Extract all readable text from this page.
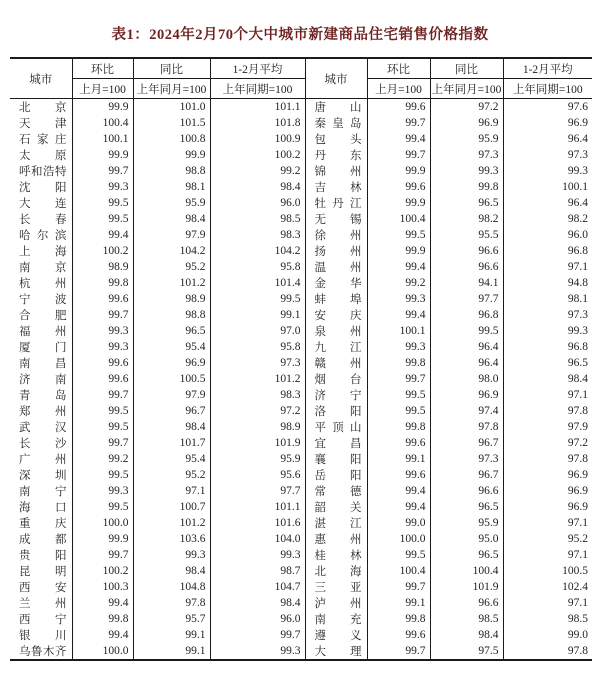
表1：2024年2月70个大中城市新建商品住宅销售价格指数
城市	环比	同比	1-2月平均	城市	环比	同比	1-2月平均
	上月=100	上年同月=100	上年同期=100		上月=100	上年同月=100	上年同期=100

北京	99.9	101.0	101.1	唐山	99.6	97.2	97.6

天津	100.4	101.5	101.8	秦皇岛	99.7	96.9	96.9

石家庄	100.1	100.8	100.9	包头	99.4	95.9	96.4

太原	99.9	99.9	100.2	丹东	99.7	97.3	97.3

呼和浩特	99.7	98.8	99.2	锦州	99.9	99.3	99.3

沈阳	99.3	98.1	98.4	吉林	99.6	99.8	100.1

大连	99.5	95.9	96.0	牡丹江	99.9	96.5	96.4

长春	99.5	98.4	98.5	无锡	100.4	98.2	98.2

哈尔滨	99.4	97.9	98.3	徐州	99.5	95.5	96.0

上海	100.2	104.2	104.2	扬州	99.9	96.6	96.8

南京	98.9	95.2	95.8	温州	99.4	96.6	97.1

杭州	99.8	101.2	101.4	金华	99.2	94.1	94.8

宁波	99.6	98.9	99.5	蚌埠	99.3	97.7	98.1

合肥	99.7	98.8	99.1	安庆	99.4	96.8	97.3

福州	99.3	96.5	97.0	泉州	100.1	99.5	99.3

厦门	99.3	95.4	95.8	九江	99.3	96.4	96.8

南昌	99.6	96.9	97.3	赣州	99.8	96.4	96.5

济南	99.6	100.5	101.2	烟台	99.7	98.0	98.4

青岛	99.7	97.9	98.3	济宁	99.5	96.9	97.1

郑州	99.5	96.7	97.2	洛阳	99.5	97.4	97.8

武汉	99.5	98.4	98.9	平顶山	99.8	97.8	97.9

长沙	99.7	101.7	101.9	宜昌	99.6	96.7	97.2

广州	99.2	95.4	95.9	襄阳	99.1	97.3	97.8

深圳	99.5	95.2	95.6	岳阳	99.6	96.7	96.9

南宁	99.3	97.1	97.7	常德	99.4	96.6	96.9

海口	99.5	100.7	101.1	韶关	99.4	96.5	96.9

重庆	100.0	101.2	101.6	湛江	99.0	95.9	97.1

成都	99.9	103.6	104.0	惠州	100.0	95.0	95.2

贵阳	99.7	99.3	99.3	桂林	99.5	96.5	97.1

昆明	100.2	98.4	98.7	北海	100.4	100.4	100.5

西安	100.3	104.8	104.7	三亚	99.7	101.9	102.4

兰州	99.4	97.8	98.4	泸州	99.1	96.6	97.1

西宁	99.8	95.7	96.0	南充	99.8	98.5	98.5

银川	99.4	99.1	99.7	遵义	99.6	98.4	99.0

乌鲁木齐	100.0	99.1	99.3	大理	99.7	97.5	97.8
